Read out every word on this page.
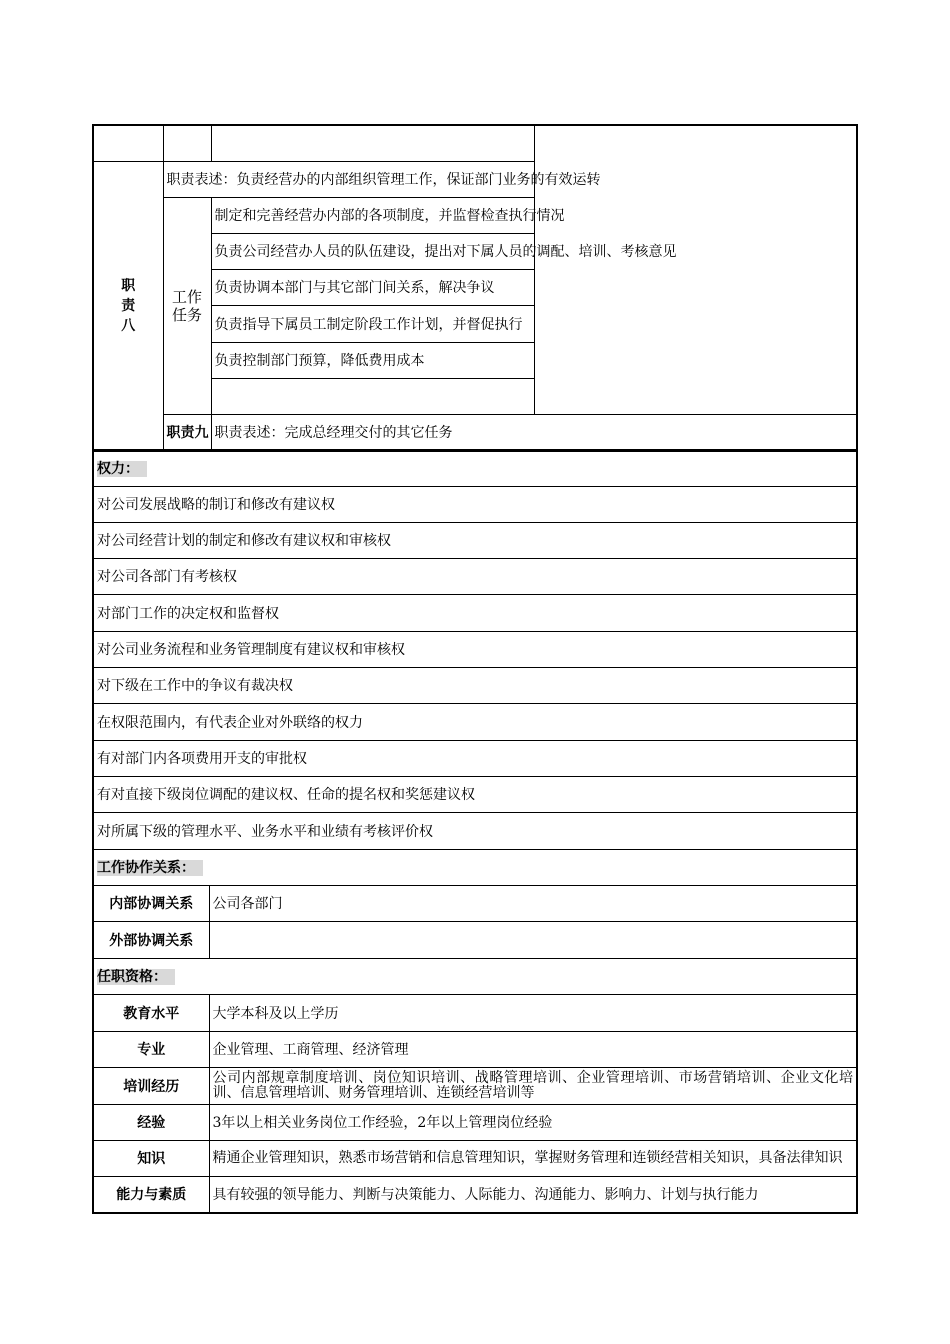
职
责
八	职责表述：负责经营办的内部组织管理工作，保证部门业务的有效运转	

	工作
任务	制定和完善经营办内部的各项制度，并监督检查执行情况
		负责公司经营办人员的队伍建设，提出对下属人员的调配、培训、考核意见
		负责协调本部门与其它部门间关系，解决争议
		负责指导下属员工制定阶段工作计划，并督促执行
		负责控制部门预算，降低费用成本

	职责九	职责表述：完成总经理交付的其它任务
权力：	
对公司发展战略的制订和修改有建议权	
对公司经营计划的制定和修改有建议权和审核权	
对公司各部门有考核权	
对部门工作的决定权和监督权	
对公司业务流程和业务管理制度有建议权和审核权	
对下级在工作中的争议有裁决权	
在权限范围内，有代表企业对外联络的权力	
有对部门内各项费用开支的审批权	
有对直接下级岗位调配的建议权、任命的提名权和奖惩建议权	
对所属下级的管理水平、业务水平和业绩有考核评价权	
工作协作关系：	
内部协调关系	公司各部门
外部协调关系	
任职资格：	
教育水平	大学本科及以上学历
专业	企业管理、工商管理、经济管理
培训经历	公司内部规章制度培训、岗位知识培训、战略管理培训、企业管理培训、市场营销培训、企业文化培训、信息管理培训、财务管理培训、连锁经营培训等
经验	3年以上相关业务岗位工作经验，2年以上管理岗位经验
知识	精通企业管理知识，熟悉市场营销和信息管理知识，掌握财务管理和连锁经营相关知识，具备法律知识
能力与素质	具有较强的领导能力、判断与决策能力、人际能力、沟通能力、影响力、计划与执行能力
